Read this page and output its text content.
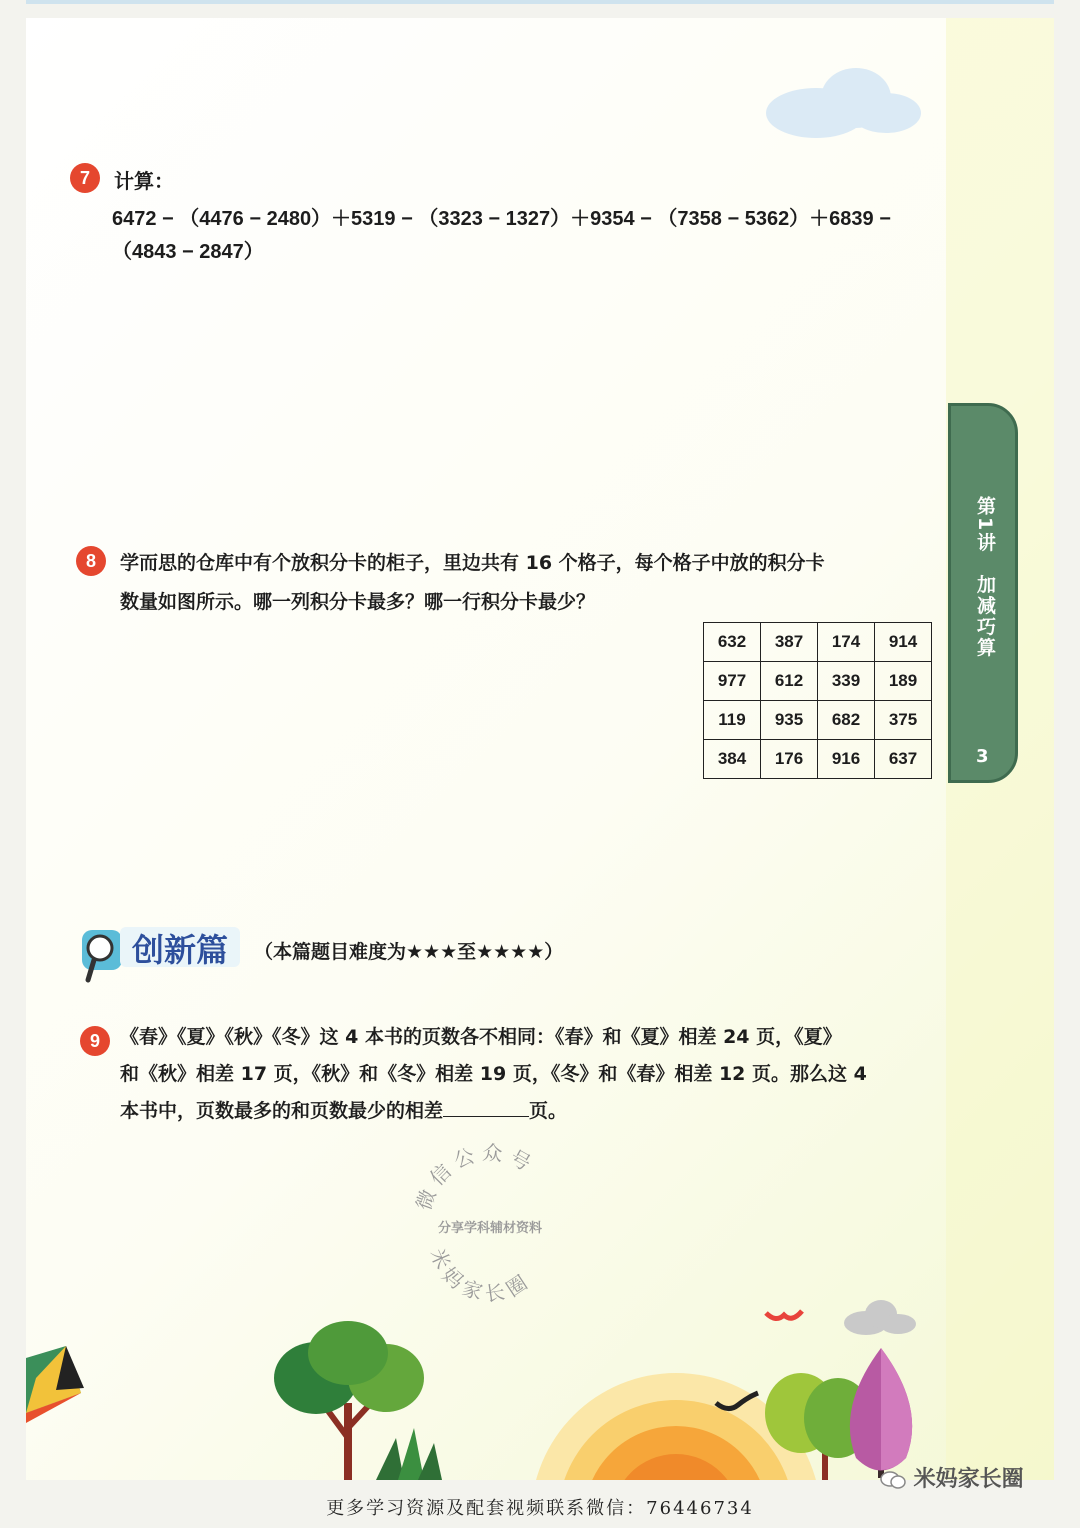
7	计算：
6472 − （4476 − 2480）＋5319 − （3323 − 1327）＋9354 − （7358 − 5362）＋6839 −
（4843 − 2847）
8	学而思的仓库中有个放积分卡的柜子，里边共有 16 个格子，每个格子中放的积分卡
数量如图所示。哪一列积分卡最多？哪一行积分卡最少？
632	387	174	914
977	612	339	189
119	935	682	375
384	176	916	637
第1讲　加减巧算
3
创新篇 （本篇题目难度为★★★至★★★★）
9	《春》《夏》《秋》《冬》这 4 本书的页数各不相同：《春》和《夏》相差 24 页，《夏》
和《秋》相差 17 页，《秋》和《冬》相差 19 页，《冬》和《春》相差 12 页。那么这 4
本书中，页数最多的和页数最少的相差	页。
微信公众号
分享学科辅材资料
米妈家长圈
米妈家长圈
更多学习资源及配套视频联系微信：76446734
